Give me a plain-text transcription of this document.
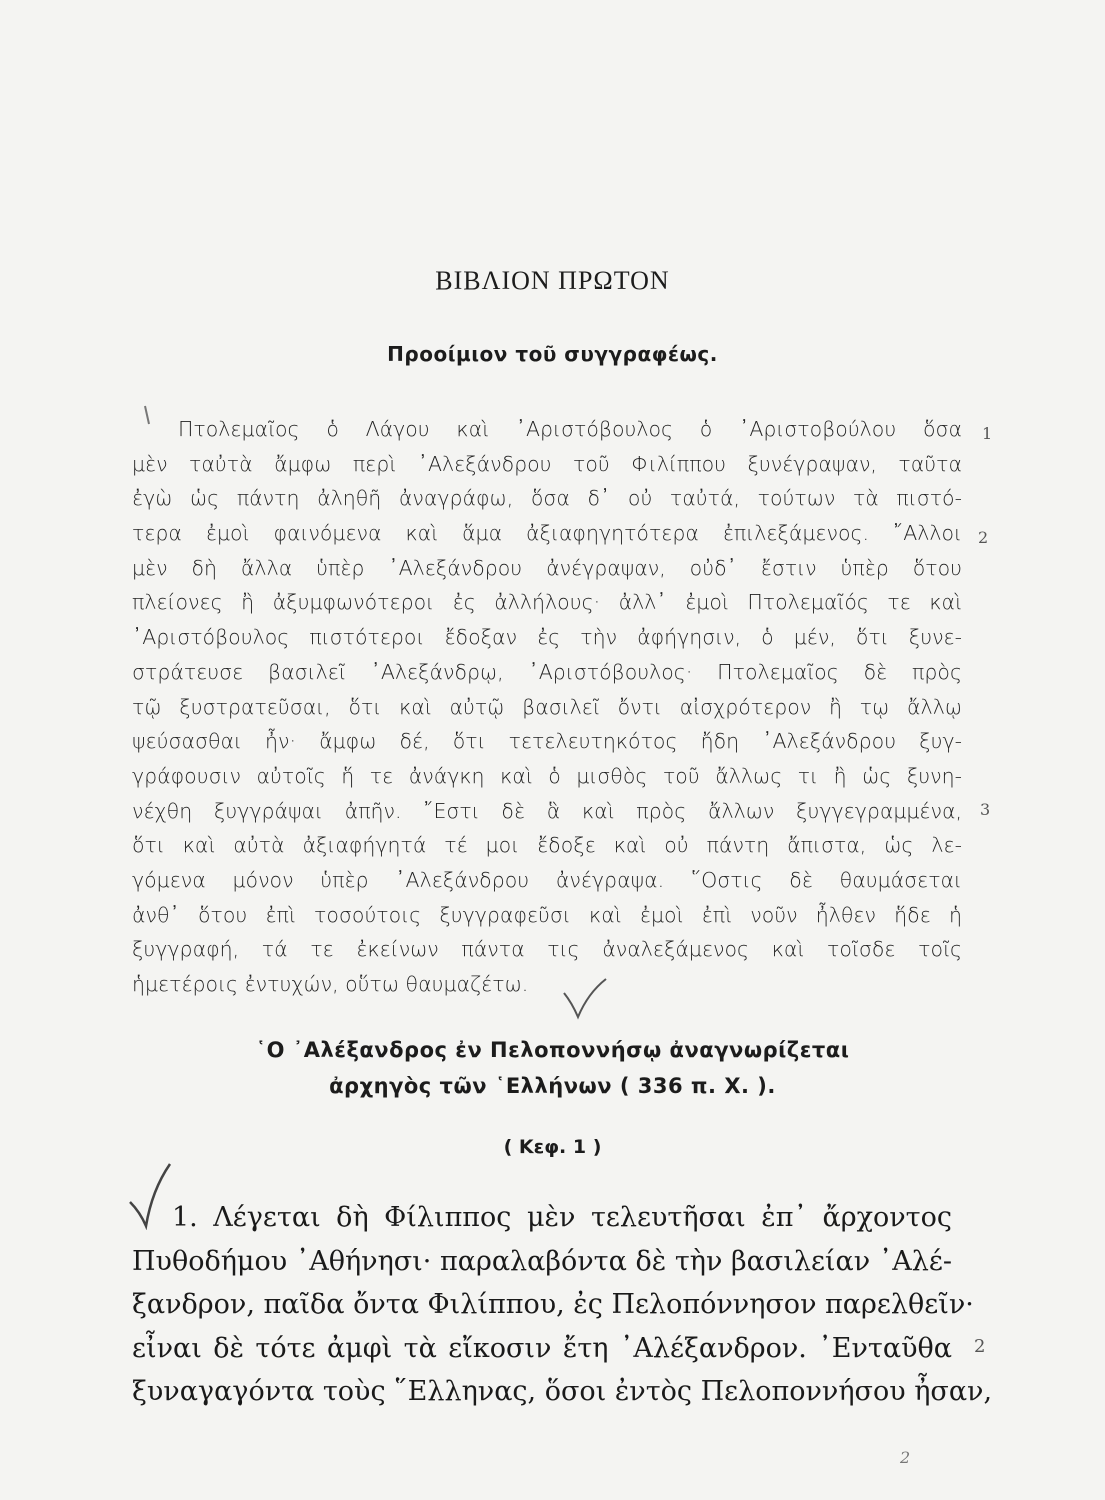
ΒΙΒΛΙΟΝ ΠΡΩΤΟΝ
Προοίμιον τοῦ συγγραφέως.
Πτολεμαῖος ὁ Λάγου καὶ ᾿Αριστόβουλος ὁ ᾿Αριστοβούλου ὅσα
μὲν ταὐτὰ ἄμφω περὶ ᾿Αλεξάνδρου τοῦ Φιλίππου ξυνέγραψαν, ταῦτα
ἐγὼ ὡς πάντη ἀληθῆ ἀναγράφω, ὅσα δ᾿ οὐ ταὐτά, τούτων τὰ πιστό-
τερα ἐμοὶ φαινόμενα καὶ ἅμα ἀξιαφηγητότερα ἐπιλεξάμενος. ῎Αλλοι
μὲν δὴ ἄλλα ὑπὲρ ᾿Αλεξάνδρου ἀνέγραψαν, οὐδ᾿ ἔστιν ὑπὲρ ὅτου
πλείονες ἢ ἀξυμφωνότεροι ἐς ἀλλήλους· ἀλλ᾿ ἐμοὶ Πτολεμαῖός τε καὶ
᾿Αριστόβουλος πιστότεροι ἔδοξαν ἐς τὴν ἀφήγησιν, ὁ μέν, ὅτι ξυνε-
στράτευσε βασιλεῖ ᾿Αλεξάνδρῳ, ᾿Αριστόβουλος· Πτολεμαῖος δὲ πρὸς
τῷ ξυστρατεῦσαι, ὅτι καὶ αὐτῷ βασιλεῖ ὄντι αἰσχρότερον ἢ τῳ ἄλλῳ
ψεύσασθαι ἦν· ἄμφω δέ, ὅτι τετελευτηκότος ἤδη ᾿Αλεξάνδρου ξυγ-
γράφουσιν αὐτοῖς ἥ τε ἀνάγκη καὶ ὁ μισθὸς τοῦ ἄλλως τι ἢ ὡς ξυνη-
νέχθη ξυγγράψαι ἀπῆν. ῎Εστι δὲ ἃ καὶ πρὸς ἄλλων ξυγγεγραμμένα,
ὅτι καὶ αὐτὰ ἀξιαφήγητά τέ μοι ἔδοξε καὶ οὐ πάντη ἄπιστα, ὡς λε-
γόμενα μόνον ὑπὲρ ᾿Αλεξάνδρου ἀνέγραψα. ῞Οστις δὲ θαυμάσεται
ἀνθ᾿ ὅτου ἐπὶ τοσούτοις ξυγγραφεῦσι καὶ ἐμοὶ ἐπὶ νοῦν ἦλθεν ἥδε ἡ
ξυγγραφή, τά τε ἐκείνων πάντα τις ἀναλεξάμενος καὶ τοῖσδε τοῖς
ἡμετέροις ἐντυχών, οὕτω θαυμαζέτω.
1
2
3
῾Ο ᾿Αλέξανδρος ἐν Πελοποννήσῳ ἀναγνωρίζεται
ἀρχηγὸς τῶν ῾Ελλήνων ( 336 π. Χ. ).
( Κεφ. 1 )
1. Λέγεται δὴ Φίλιππος μὲν τελευτῆσαι ἐπ᾿ ἄρχοντος
Πυθοδήμου ᾿Αθήνησι· παραλαβόντα δὲ τὴν βασιλείαν ᾿Αλέ-
ξανδρον, παῖδα ὄντα Φιλίππου, ἐς Πελοπόννησον παρελθεῖν·
εἶναι δὲ τότε ἀμφὶ τὰ εἴκοσιν ἔτη ᾿Αλέξανδρον. ᾿Ενταῦθα
ξυναγαγόντα τοὺς ῞Ελληνας, ὅσοι ἐντὸς Πελοποννήσου ἦσαν,
2
2
